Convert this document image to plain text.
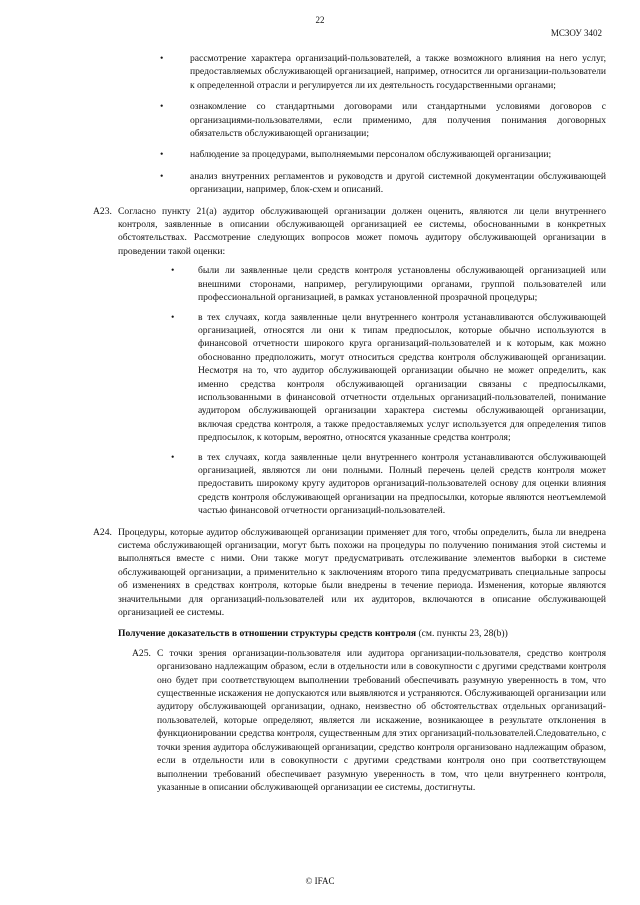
22
МСЗОУ 3402
•	рассмотрение характера организаций-пользователей, а также возможного влияния на него услуг, предоставляемых обслуживающей организацией, например, относится ли организации-пользователи к определенной отрасли и регулируется ли их деятельность государственными органами;

•	ознакомление со стандартными договорами или стандартными условиями договоров с организациями-пользователями, если применимо, для получения понимания договорных обязательств обслуживающей организации;

•	наблюдение за процедурами, выполняемыми персоналом обслуживающей организации;

•	анализ внутренних регламентов и руководств и другой системной документации обслуживающей организации, например, блок-схем и описаний.

A23. Согласно пункту 21(a) аудитор обслуживающей организации должен оценить, являются ли цели внутреннего контроля, заявленные в описании обслуживающей организацией ее системы, обоснованными в конкретных обстоятельствах. Рассмотрение следующих вопросов может помочь аудитору обслуживающей организации в проведении такой оценки:

• были ли заявленные цели средств контроля установлены обслуживающей организацией или внешними сторонами, например, регулирующими органами, группой пользователей или профессиональной организацией, в рамках установленной прозрачной процедуры;

• в тех случаях, когда заявленные цели внутреннего контроля устанавливаются обслуживающей организацией, относятся ли они к типам предпосылок, которые обычно используются в финансовой отчетности широкого круга организаций-пользователей и к которым, как можно обоснованно предположить, могут относиться средства контроля обслуживающей организации. Несмотря на то, что аудитор обслуживающей организации обычно не может определить, как именно средства контроля обслуживающей организации связаны с предпосылками, использованными в финансовой отчетности отдельных организаций-пользователей, понимание аудитором обслуживающей организации характера системы обслуживающей организации, включая средства контроля, а также предоставляемых услуг используется для определения типов предпосылок, к которым, вероятно, относятся указанные средства контроля;

• в тех случаях, когда заявленные цели внутреннего контроля устанавливаются обслуживающей организацией, являются ли они полными. Полный перечень целей средств контроля может предоставить широкому кругу аудиторов организаций-пользователей основу для оценки влияния средств контроля обслуживающей организации на предпосылки, которые являются неотъемлемой частью финансовой отчетности организаций-пользователей.

A24. Процедуры, которые аудитор обслуживающей организации применяет для того, чтобы определить, была ли внедрена система обслуживающей организации, могут быть похожи на процедуры по получению понимания этой системы и выполняться вместе с ними. Они также могут предусматривать отслеживание элементов выборки в системе обслуживающей организации, а применительно к заключениям второго типа предусматривать специальные запросы об изменениях в средствах контроля, которые были внедрены в течение периода. Изменения, которые являются значительными для организаций-пользователей или их аудиторов, включаются в описание обслуживающей организацией ее системы.

Получение доказательств в отношении структуры средств контроля (см. пункты 23, 28(b))

A25. С точки зрения организации-пользователя или аудитора организации-пользователя, средство контроля организовано надлежащим образом, если в отдельности или в совокупности с другими средствами контроля оно будет при соответствующем выполнении требований обеспечивать разумную уверенность в том, что существенные искажения не допускаются или выявляются и устраняются. Обслуживающей организации или аудитору обслуживающей организации, однако, неизвестно об обстоятельствах отдельных организаций-пользователей, которые определяют, является ли искажение, возникающее в результате отклонения в функционировании средства контроля, существенным для этих организаций-пользователей.Следовательно, с точки зрения аудитора обслуживающей организации, средство контроля организовано надлежащим образом, если в отдельности или в совокупности с другими средствами контроля оно при соответствующем выполнении требований обеспечивает разумную уверенность в том, что цели внутреннего контроля, указанные в описании обслуживающей организации ее системы, достигнуты.

© IFAC
